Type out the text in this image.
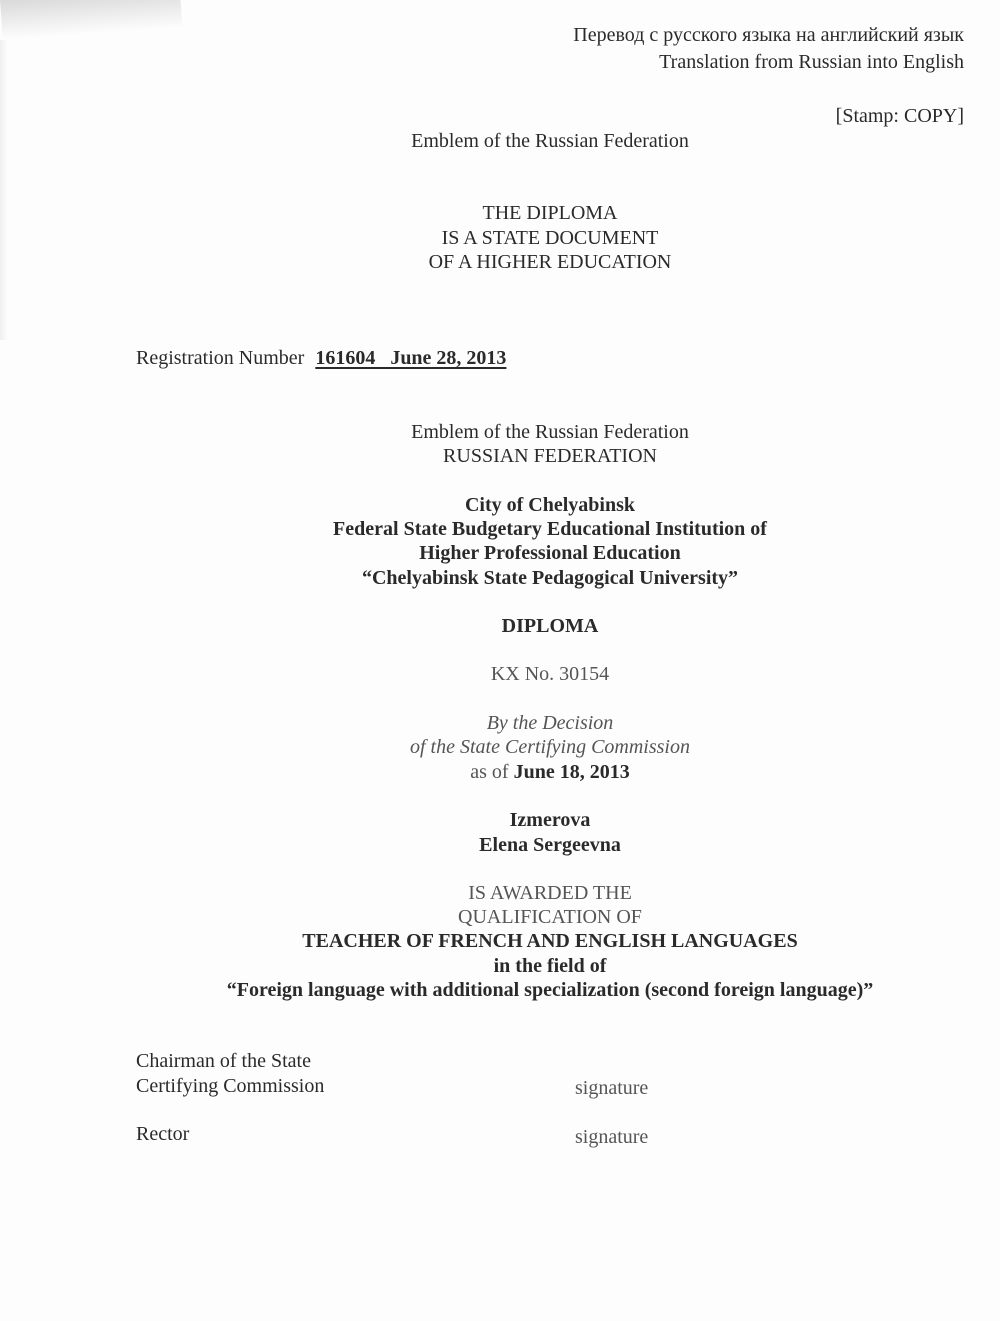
Перевод с русского языка на английский язык
Translation from Russian into English
[Stamp: COPY]
Emblem of the Russian Federation
THE DIPLOMA
IS A STATE DOCUMENT
OF A HIGHER EDUCATION
Registration Number 161604   June 28, 2013
Emblem of the Russian Federation
RUSSIAN FEDERATION
City of Chelyabinsk
Federal State Budgetary Educational Institution of
Higher Professional Education
“Chelyabinsk State Pedagogical University”
DIPLOMA
KX No. 30154
By the Decision
of the State Certifying Commission
as of June 18, 2013
Izmerova
Elena Sergeevna
IS AWARDED THE
QUALIFICATION OF
TEACHER OF FRENCH AND ENGLISH LANGUAGES
in the field of
“Foreign language with additional specialization (second foreign language)”
Chairman of the State
Certifying Commission	signature
Rector	signature
